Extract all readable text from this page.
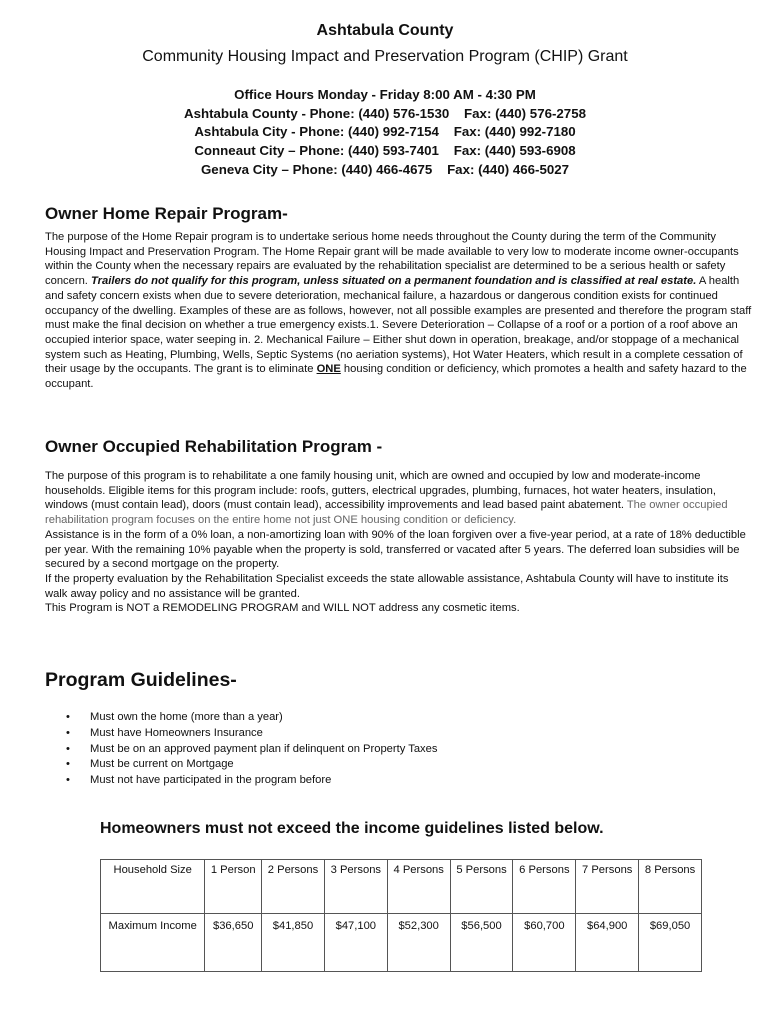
Ashtabula County
Community Housing Impact and Preservation Program (CHIP) Grant
Office Hours Monday - Friday 8:00 AM - 4:30 PM
Ashtabula County - Phone: (440) 576-1530 Fax: (440) 576-2758
Ashtabula City - Phone: (440) 992-7154 Fax: (440) 992-7180
Conneaut City – Phone: (440) 593-7401 Fax: (440) 593-6908
Geneva City – Phone: (440) 466-4675 Fax: (440) 466-5027
Owner Home Repair Program-
The purpose of the Home Repair program is to undertake serious home needs throughout the County during the term of the Community Housing Impact and Preservation Program. The Home Repair grant will be made available to very low to moderate income owner-occupants within the County when the necessary repairs are evaluated by the rehabilitation specialist are determined to be a serious health or safety concern. Trailers do not qualify for this program, unless situated on a permanent foundation and is classified at real estate. A health and safety concern exists when due to severe deterioration, mechanical failure, a hazardous or dangerous condition exists for continued occupancy of the dwelling. Examples of these are as follows, however, not all possible examples are presented and therefore the program staff must make the final decision on whether a true emergency exists.1. Severe Deterioration – Collapse of a roof or a portion of a roof above an occupied interior space, water seeping in. 2. Mechanical Failure – Either shut down in operation, breakage, and/or stoppage of a mechanical system such as Heating, Plumbing, Wells, Septic Systems (no aeriation systems), Hot Water Heaters, which result in a complete cessation of their usage by the occupants. The grant is to eliminate ONE housing condition or deficiency, which promotes a health and safety hazard to the occupant.
Owner Occupied Rehabilitation Program -
The purpose of this program is to rehabilitate a one family housing unit, which are owned and occupied by low and moderate-income households. Eligible items for this program include: roofs, gutters, electrical upgrades, plumbing, furnaces, hot water heaters, insulation, windows (must contain lead), doors (must contain lead), accessibility improvements and lead based paint abatement. The owner occupied rehabilitation program focuses on the entire home not just ONE housing condition or deficiency.
Assistance is in the form of a 0% loan, a non-amortizing loan with 90% of the loan forgiven over a five-year period, at a rate of 18% deductible per year. With the remaining 10% payable when the property is sold, transferred or vacated after 5 years. The deferred loan subsidies will be secured by a second mortgage on the property.
If the property evaluation by the Rehabilitation Specialist exceeds the state allowable assistance, Ashtabula County will have to institute its walk away policy and no assistance will be granted.
This Program is NOT a REMODELING PROGRAM and WILL NOT address any cosmetic items.
Program Guidelines-
• Must own the home (more than a year)
• Must have Homeowners Insurance
• Must be on an approved payment plan if delinquent on Property Taxes
• Must be current on Mortgage
• Must not have participated in the program before
Homeowners must not exceed the income guidelines listed below.
Household Size	1 Person	2 Persons	3 Persons	4 Persons	5 Persons	6 Persons	7 Persons	8 Persons
Maximum Income	$36,650	$41,850	$47,100	$52,300	$56,500	$60,700	$64,900	$69,050
